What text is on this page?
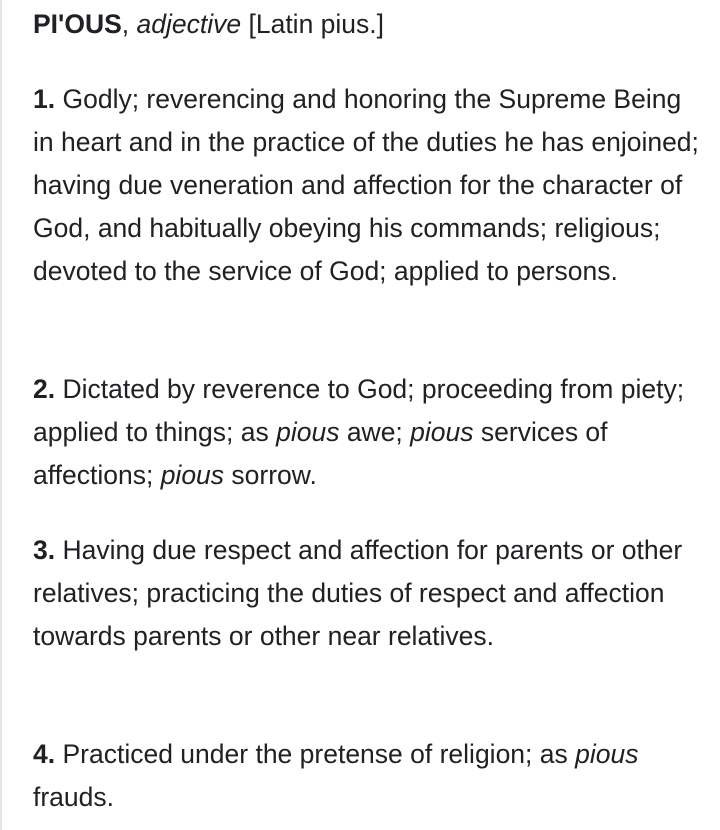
PI'OUS, adjective [Latin pius.]
1. Godly; reverencing and honoring the Supreme Being in heart and in the practice of the duties he has enjoined; having due veneration and affection for the character of God, and habitually obeying his commands; religious; devoted to the service of God; applied to persons.
2. Dictated by reverence to God; proceeding from piety; applied to things; as pious awe; pious services of affections; pious sorrow.
3. Having due respect and affection for parents or other relatives; practicing the duties of respect and affection towards parents or other near relatives.
4. Practiced under the pretense of religion; as pious frauds.
